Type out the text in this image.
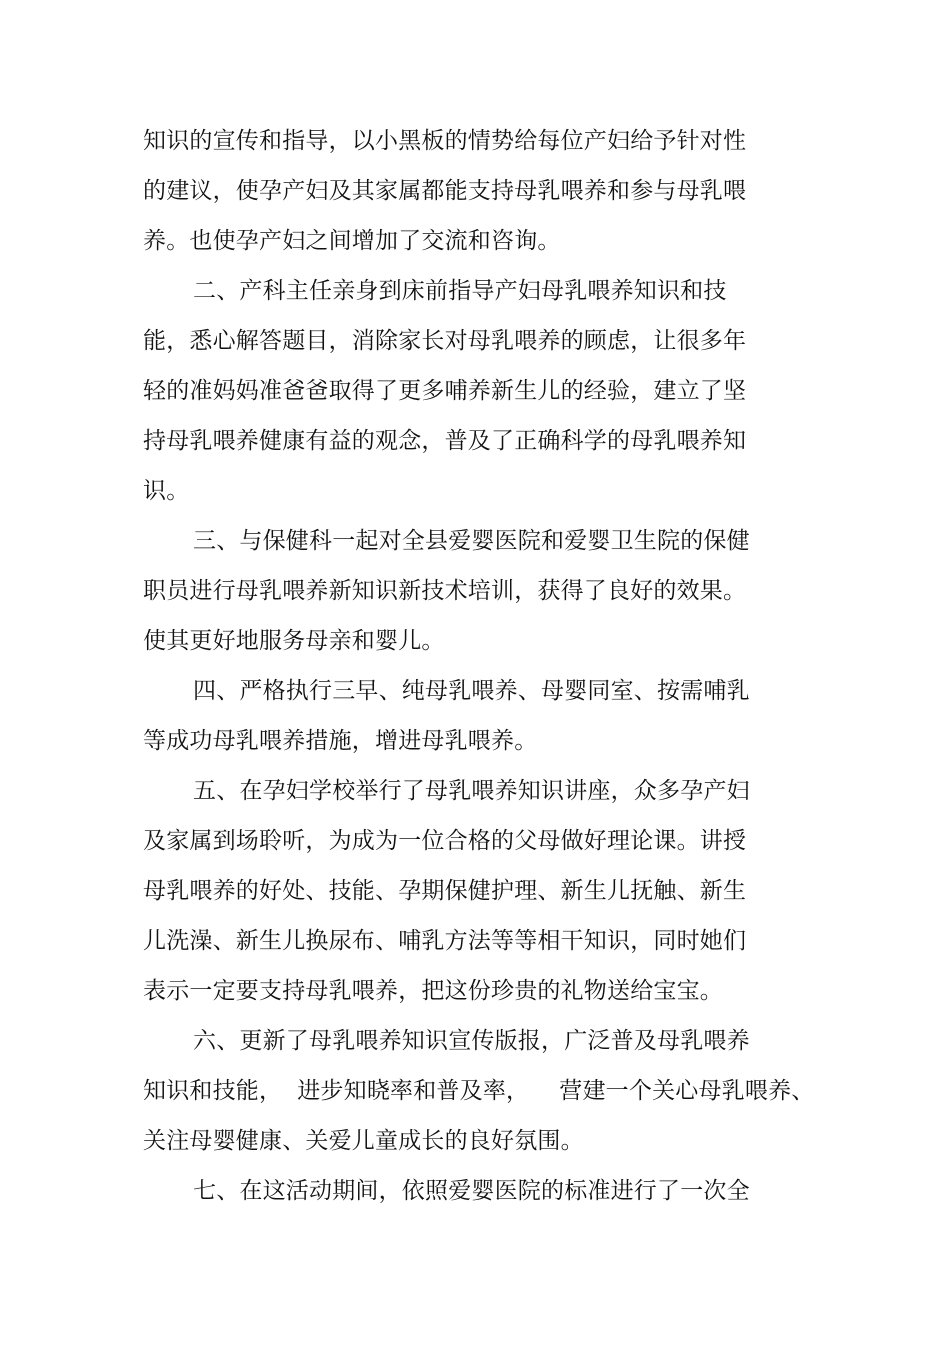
知识的宣传和指导，以小黑板的情势给每位产妇给予针对性
的建议，使孕产妇及其家属都能支持母乳喂养和参与母乳喂
养。也使孕产妇之间增加了交流和咨询。
二、产科主任亲身到床前指导产妇母乳喂养知识和技
能，悉心解答题目，消除家长对母乳喂养的顾虑，让很多年
轻的准妈妈准爸爸取得了更多哺养新生儿的经验，建立了坚
持母乳喂养健康有益的观念，普及了正确科学的母乳喂养知
识。
三、与保健科一起对全县爱婴医院和爱婴卫生院的保健
职员进行母乳喂养新知识新技术培训，获得了良好的效果。
使其更好地服务母亲和婴儿。
四、严格执行三早、纯母乳喂养、母婴同室、按需哺乳
等成功母乳喂养措施，增进母乳喂养。
五、在孕妇学校举行了母乳喂养知识讲座，众多孕产妇
及家属到场聆听，为成为一位合格的父母做好理论课。讲授
母乳喂养的好处、技能、孕期保健护理、新生儿抚触、新生
儿洗澡、新生儿换尿布、哺乳方法等等相干知识，同时她们
表示一定要支持母乳喂养，把这份珍贵的礼物送给宝宝。
六、更新了母乳喂养知识宣传版报，广泛普及母乳喂养
知识和技能，  进步知晓率和普及率，    营建一个关心母乳喂养、
关注母婴健康、关爱儿童成长的良好氛围。
七、在这活动期间，依照爱婴医院的标准进行了一次全
